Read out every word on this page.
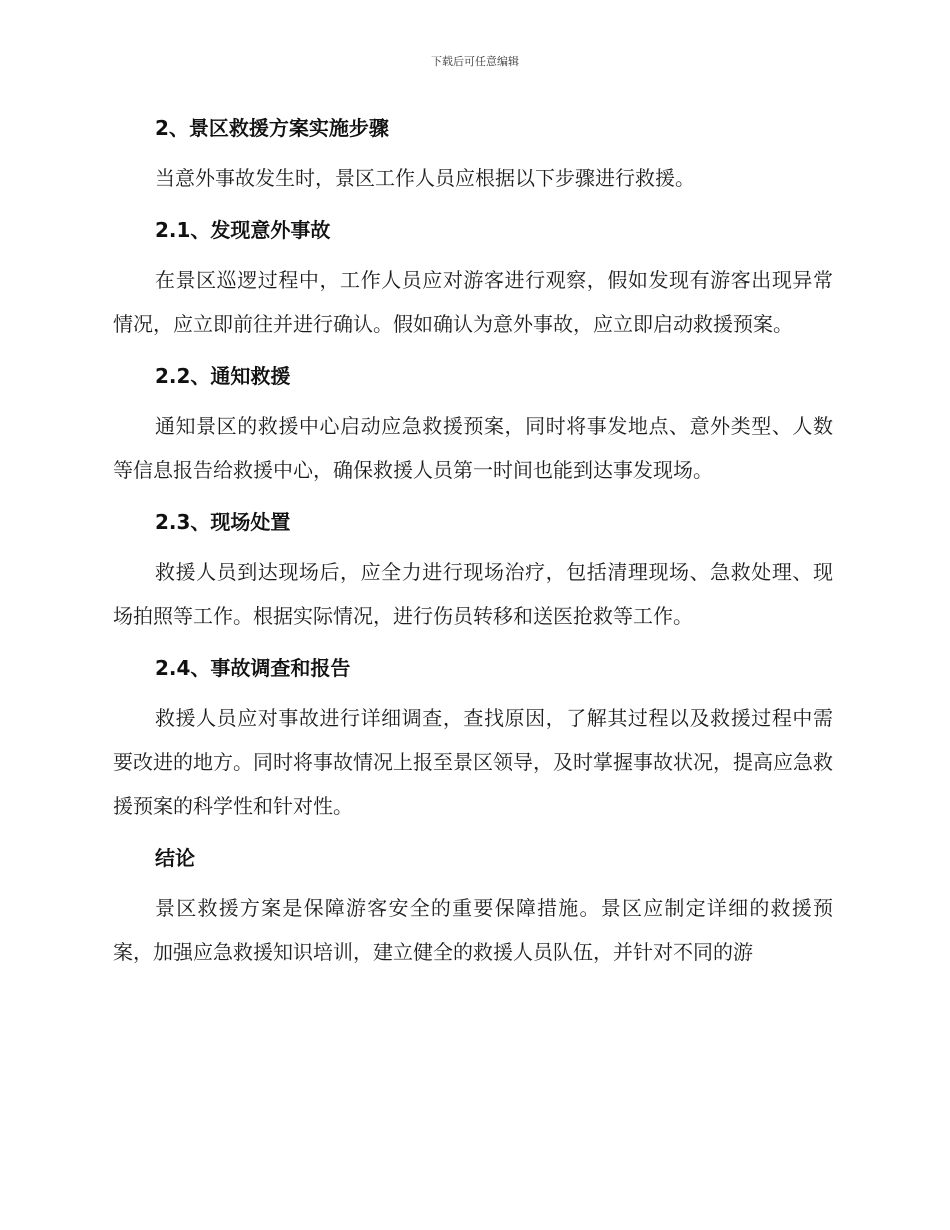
下载后可任意编辑
2、景区救援方案实施步骤
当意外事故发生时，景区工作人员应根据以下步骤进行救援。
2.1、发现意外事故
在景区巡逻过程中，工作人员应对游客进行观察，假如发现有游客出现异常情况，应立即前往并进行确认。假如确认为意外事故，应立即启动救援预案。
2.2、通知救援
通知景区的救援中心启动应急救援预案，同时将事发地点、意外类型、人数等信息报告给救援中心，确保救援人员第一时间也能到达事发现场。
2.3、现场处置
救援人员到达现场后，应全力进行现场治疗，包括清理现场、急救处理、现场拍照等工作。根据实际情况，进行伤员转移和送医抢救等工作。
2.4、事故调查和报告
救援人员应对事故进行详细调查，查找原因，了解其过程以及救援过程中需要改进的地方。同时将事故情况上报至景区领导，及时掌握事故状况，提高应急救援预案的科学性和针对性。
结论
景区救援方案是保障游客安全的重要保障措施。景区应制定详细的救援预案，加强应急救援知识培训，建立健全的救援人员队伍，并针对不同的游
